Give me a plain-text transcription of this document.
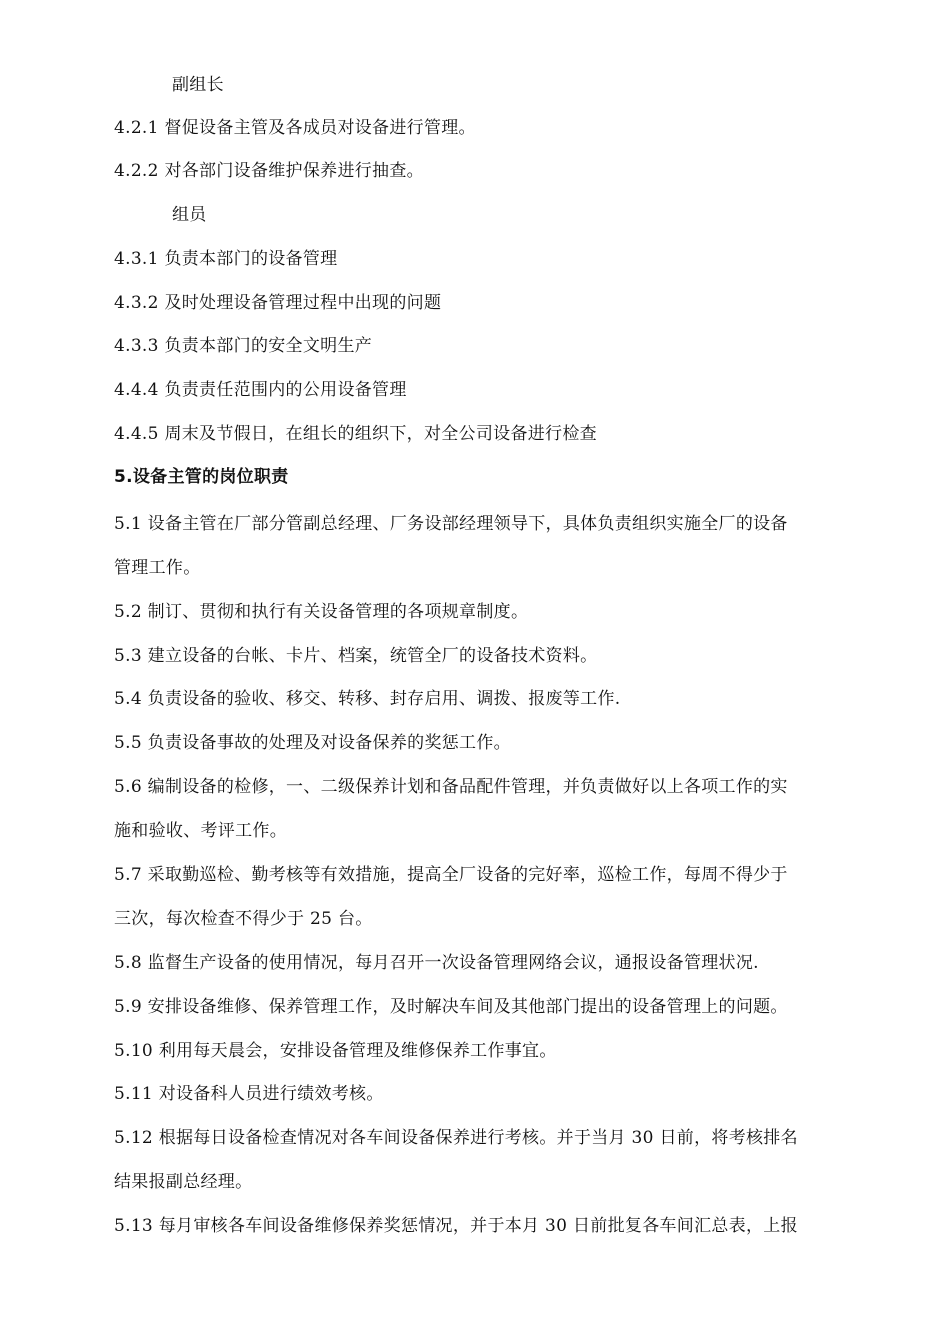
副组长
4.2.1 督促设备主管及各成员对设备进行管理。
4.2.2 对各部门设备维护保养进行抽查。
组员
4.3.1 负责本部门的设备管理
4.3.2 及时处理设备管理过程中出现的问题
4.3.3 负责本部门的安全文明生产
4.4.4 负责责任范围内的公用设备管理
4.4.5 周末及节假日，在组长的组织下，对全公司设备进行检查
5.设备主管的岗位职责
5.1 设备主管在厂部分管副总经理、厂务设部经理领导下，具体负责组织实施全厂的设备
管理工作。
5.2 制订、贯彻和执行有关设备管理的各项规章制度。
5.3 建立设备的台帐、卡片、档案，统管全厂的设备技术资料。
5.4 负责设备的验收、移交、转移、封存启用、调拨、报废等工作.
5.5 负责设备事故的处理及对设备保养的奖惩工作。
5.6 编制设备的检修，一、二级保养计划和备品配件管理，并负责做好以上各项工作的实
施和验收、考评工作。
5.7 采取勤巡检、勤考核等有效措施，提高全厂设备的完好率，巡检工作，每周不得少于
三次，每次检查不得少于 25 台。
5.8 监督生产设备的使用情况，每月召开一次设备管理网络会议，通报设备管理状况.
5.9 安排设备维修、保养管理工作，及时解决车间及其他部门提出的设备管理上的问题。
5.10 利用每天晨会，安排设备管理及维修保养工作事宜。
5.11 对设备科人员进行绩效考核。
5.12 根据每日设备检查情况对各车间设备保养进行考核。并于当月 30 日前，将考核排名
结果报副总经理。
5.13 每月审核各车间设备维修保养奖惩情况，并于本月 30 日前批复各车间汇总表，上报
